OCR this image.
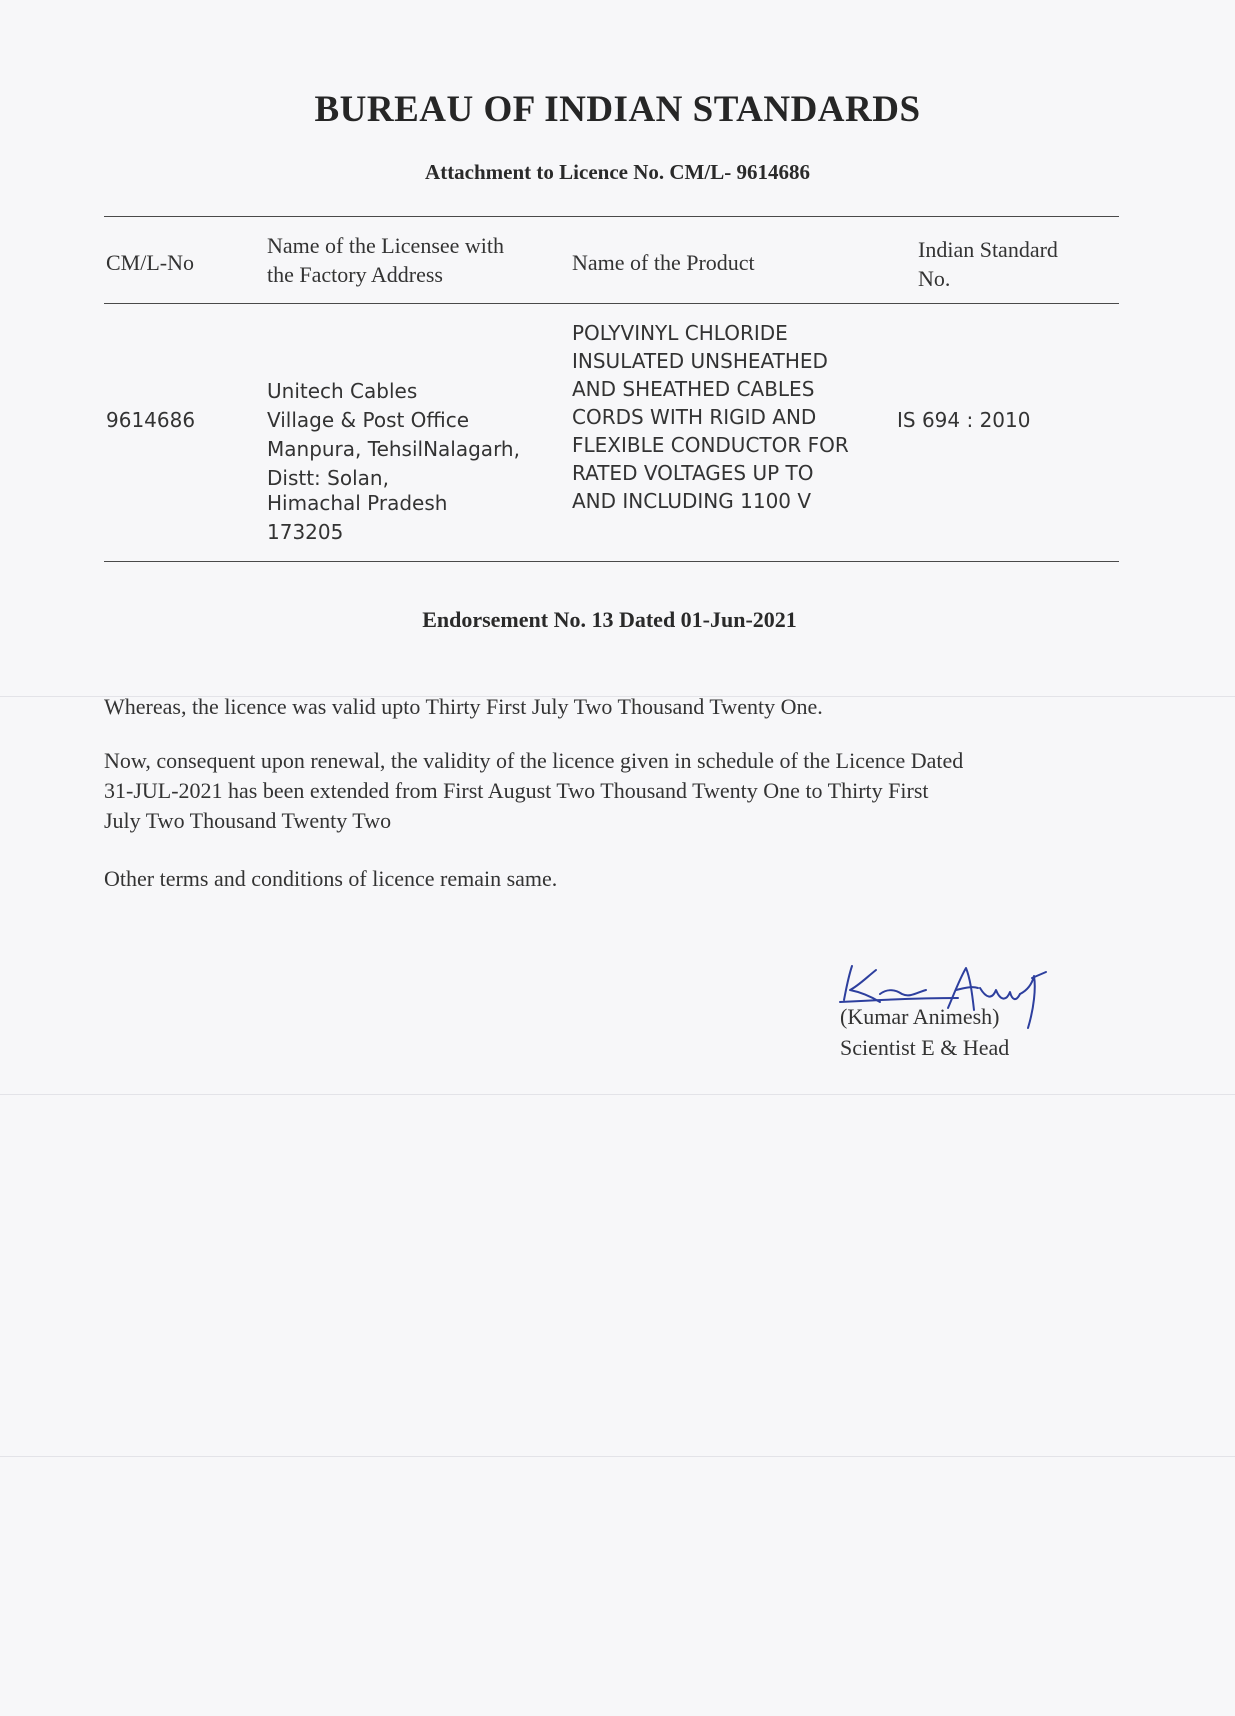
BUREAU OF INDIAN STANDARDS
Attachment to Licence No. CM/L- 9614686
CM/L-No
Name of the Licensee with
the Factory Address	Name of the Product
Indian Standard
No.
9614686
Unitech Cables
Village & Post Office
Manpura, TehsilNalagarh,
Distt: Solan,
Himachal Pradesh
173205
POLYVINYL CHLORIDE
INSULATED UNSHEATHED
AND SHEATHED CABLES
CORDS WITH RIGID AND
FLEXIBLE CONDUCTOR FOR
RATED VOLTAGES UP TO
AND INCLUDING 1100 V
IS 694 : 2010
Endorsement No. 13 Dated 01-Jun-2021
Whereas, the licence was valid upto Thirty First July Two Thousand Twenty One.
Now, consequent upon renewal, the validity of the licence given in schedule of the Licence Dated
31-JUL-2021 has been extended from First August Two Thousand Twenty One to Thirty First
July Two Thousand Twenty Two
Other terms and conditions of licence remain same.
(Kumar Animesh)
Scientist E & Head
